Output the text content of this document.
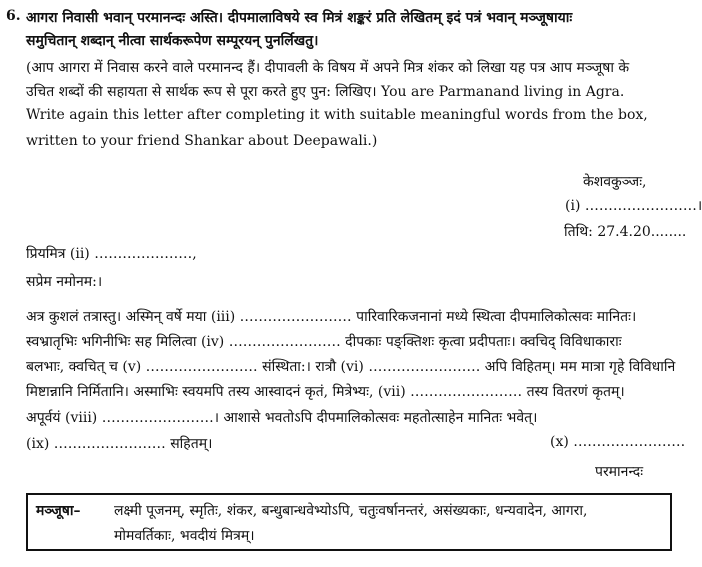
6. आगरा निवासी भवान् परमानन्दः अस्ति। दीपमालाविषये स्व मित्रं शङ्करं प्रति लेखितम् इदं पत्रं भवान् मञ्जूषायाः
समुचितान् शब्दान् नीत्वा सार्थकरूपेण सम्पूरयन् पुनर्लिखतु।
(आप आगरा में निवास करने वाले परमानन्द हैं। दीपावली के विषय में अपने मित्र शंकर को लिखा यह पत्र आप मञ्जूषा के
उचित शब्दों की सहायता से सार्थक रूप से पूरा करते हुए पुन: लिखिए। You are Parmanand living in Agra.
Write again this letter after completing it with suitable meaningful words from the box,
written to your friend Shankar about Deepawali.)
केशवकुञ्जः,
(i) ……………………।
तिथि: 27.4.20........
प्रियमित्र (ii) …………………,
सप्रेम नमोनम:।
अत्र कुशलं तत्रास्तु। अस्मिन् वर्षे मया (iii) …………………… पारिवारिकजनानां मध्ये स्थित्वा दीपमालिकोत्सवः मानितः।
स्वभ्रातृभिः भगिनीभिः सह मिलित्वा (iv) …………………… दीपकाः पङ्क्तिशः कृत्वा प्रदीपताः। क्वचिद् विविधाकाराः
बलभाः, क्वचित् च (v) …………………… संस्थिता:। रात्रौ (vi) …………………… अपि विहितम्। मम मात्रा गृहे विविधानि
मिष्टान्नानि निर्मितानि। अस्माभिः स्वयमपि तस्य आस्वादनं कृतं, मित्रेभ्यः, (vii) …………………… तस्य वितरणं कृतम्।
अपूर्वयं (viii) ……………………। आशासे भवतोऽपि दीपमालिकोत्सवः महतोत्साहेन मानितः भवेत्।
(ix) …………………… सहितम्।	(x) ……………………
परमानन्दः
मञ्जूषा– लक्ष्मी पूजनम्, स्मृतिः, शंकर, बन्धुबान्धवेभ्योऽपि, चतुःवर्षानन्तरं, असंख्यकाः, धन्यवादेन, आगरा,
मोमवर्तिकाः, भवदीयं मित्रम्।
